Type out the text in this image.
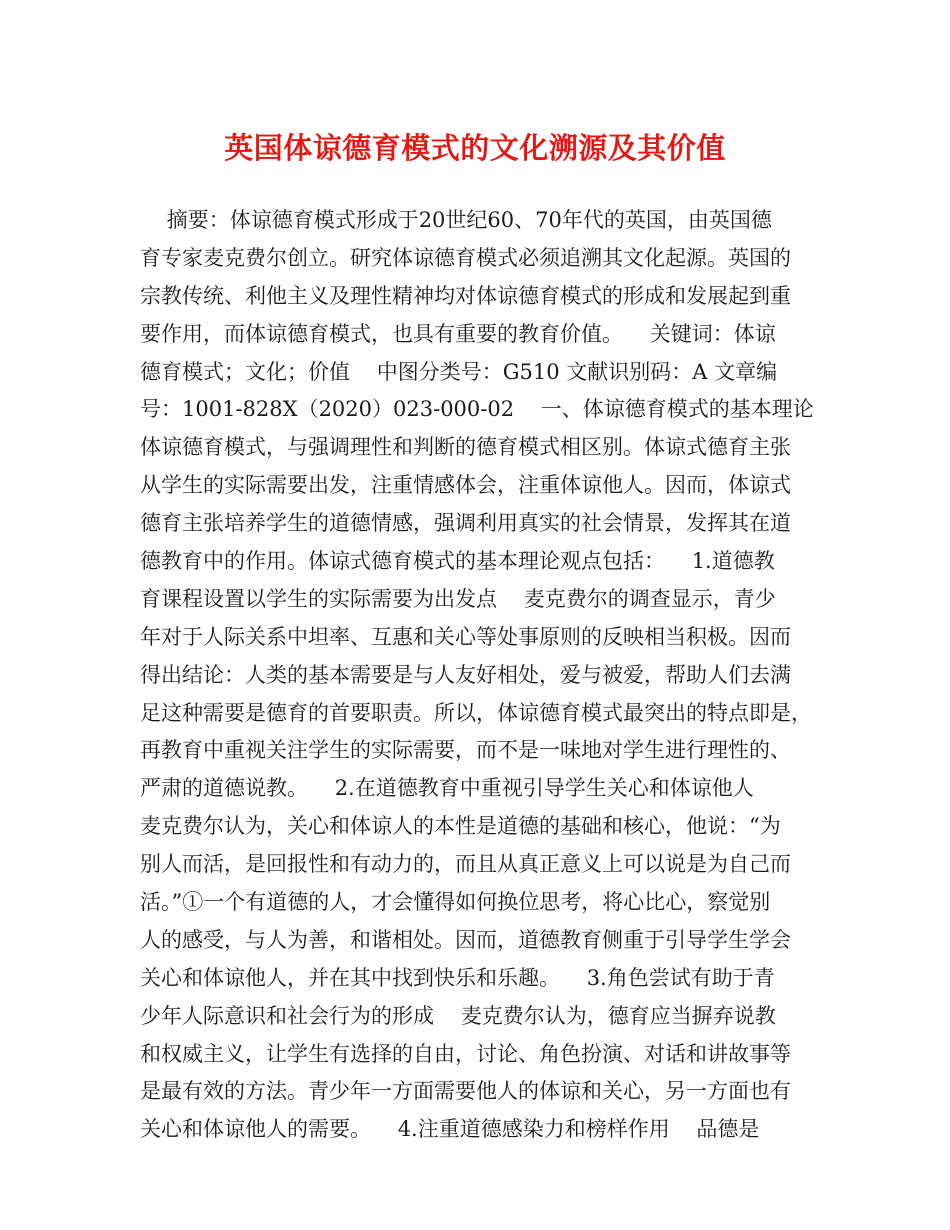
英国体谅德育模式的文化溯源及其价值
摘要：体谅德育模式形成于20世纪60、70年代的英国，由英国德
育专家麦克费尔创立。研究体谅德育模式必须追溯其文化起源。英国的
宗教传统、利他主义及理性精神均对体谅德育模式的形成和发展起到重
要作用，而体谅德育模式，也具有重要的教育价值。    关键词：体谅
德育模式；文化；价值    中图分类号：G510 文献识别码：A 文章编
号：1001-828X（2020）023-000-02    一、体谅德育模式的基本理论
体谅德育模式，与强调理性和判断的德育模式相区别。体谅式德育主张
从学生的实际需要出发，注重情感体会，注重体谅他人。因而，体谅式
德育主张培养学生的道德情感，强调利用真实的社会情景，发挥其在道
德教育中的作用。体谅式德育模式的基本理论观点包括：    1.道德教
育课程设置以学生的实际需要为出发点    麦克费尔的调查显示，青少
年对于人际关系中坦率、互惠和关心等处事原则的反映相当积极。因而
得出结论：人类的基本需要是与人友好相处，爱与被爱，帮助人们去满
足这种需要是德育的首要职责。所以，体谅德育模式最突出的特点即是，
再教育中重视关注学生的实际需要，而不是一味地对学生进行理性的、
严肃的道德说教。    2.在道德教育中重视引导学生关心和体谅他人
麦克费尔认为，关心和体谅人的本性是道德的基础和核心，他说：“为
别人而活，是回报性和有动力的，而且从真正意义上可以说是为自己而
活。”①一个有道德的人，才会懂得如何换位思考，将心比心，察觉别
人的感受，与人为善，和谐相处。因而，道德教育侧重于引导学生学会
关心和体谅他人，并在其中找到快乐和乐趣。    3.角色尝试有助于青
少年人际意识和社会行为的形成    麦克费尔认为，德育应当摒弃说教
和权威主义，让学生有选择的自由，讨论、角色扮演、对话和讲故事等
是最有效的方法。青少年一方面需要他人的体谅和关心，另一方面也有
关心和体谅他人的需要。    4.注重道德感染力和榜样作用    品德是
